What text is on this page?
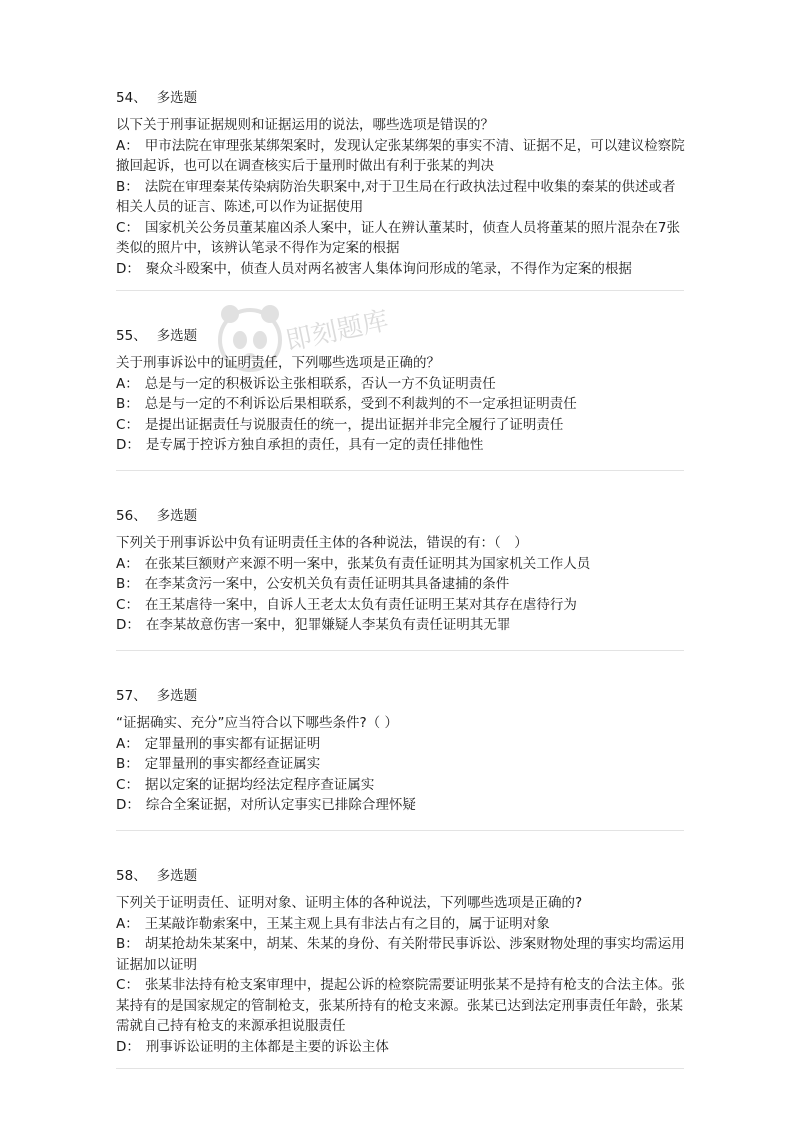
即刻题库
54、 多选题
以下关于刑事证据规则和证据运用的说法，哪些选项是错误的？
A： 甲市法院在审理张某绑架案时，发现认定张某绑架的事实不清、证据不足，可以建议检察院撤回起诉，也可以在调查核实后于量刑时做出有利于张某的判决
B： 法院在审理秦某传染病防治失职案中,对于卫生局在行政执法过程中收集的秦某的供述或者相关人员的证言、陈述,可以作为证据使用
C： 国家机关公务员董某雇凶杀人案中，证人在辨认董某时，侦查人员将董某的照片混杂在7张类似的照片中，该辨认笔录不得作为定案的根据
D： 聚众斗殴案中，侦查人员对两名被害人集体询问形成的笔录，不得作为定案的根据
55、 多选题
关于刑事诉讼中的证明责任，下列哪些选项是正确的？
A： 总是与一定的积极诉讼主张相联系，否认一方不负证明责任
B： 总是与一定的不利诉讼后果相联系，受到不利裁判的不一定承担证明责任
C： 是提出证据责任与说服责任的统一，提出证据并非完全履行了证明责任
D： 是专属于控诉方独自承担的责任，具有一定的责任排他性
56、 多选题
下列关于刑事诉讼中负有证明责任主体的各种说法，错误的有：（　）
A： 在张某巨额财产来源不明一案中，张某负有责任证明其为国家机关工作人员
B： 在李某贪污一案中，公安机关负有责任证明其具备逮捕的条件
C： 在王某虐待一案中，自诉人王老太太负有责任证明王某对其存在虐待行为
D： 在李某故意伤害一案中，犯罪嫌疑人李某负有责任证明其无罪
57、 多选题
“证据确实、充分”应当符合以下哪些条件?（ ）
A： 定罪量刑的事实都有证据证明
B： 定罪量刑的事实都经查证属实
C： 据以定案的证据均经法定程序查证属实
D： 综合全案证据，对所认定事实已排除合理怀疑
58、 多选题
下列关于证明责任、证明对象、证明主体的各种说法，下列哪些选项是正确的?
A： 王某敲诈勒索案中，王某主观上具有非法占有之目的，属于证明对象
B： 胡某抢劫朱某案中，胡某、朱某的身份、有关附带民事诉讼、涉案财物处理的事实均需运用证据加以证明
C： 张某非法持有枪支案审理中，提起公诉的检察院需要证明张某不是持有枪支的合法主体。张某持有的是国家规定的管制枪支，张某所持有的枪支来源。张某已达到法定刑事责任年龄，张某需就自己持有枪支的来源承担说服责任
D： 刑事诉讼证明的主体都是主要的诉讼主体
